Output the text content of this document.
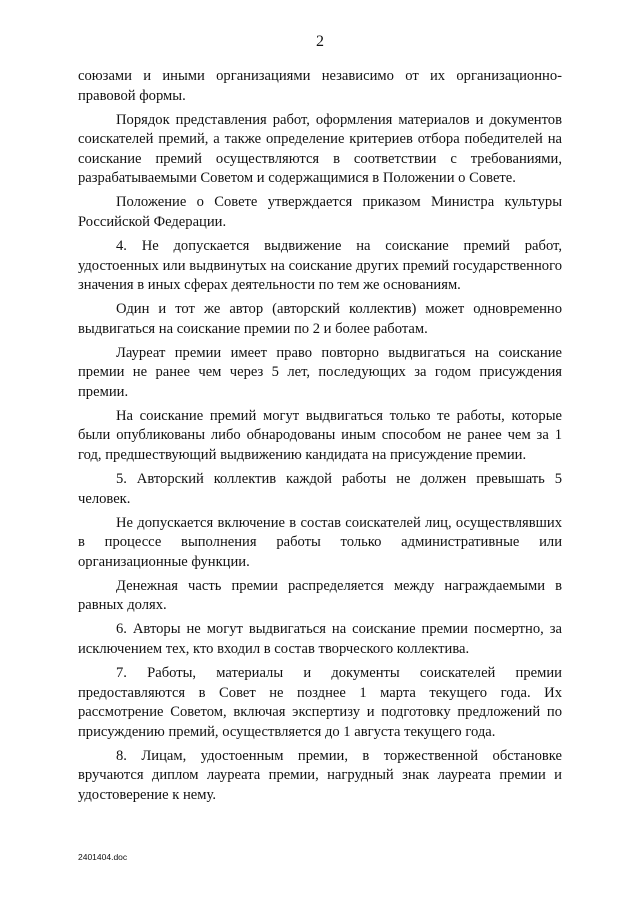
2

союзами и иными организациями независимо от их организационно-правовой формы.

Порядок представления работ, оформления материалов и документов соискателей премий, а также определение критериев отбора победителей на соискание премий осуществляются в соответствии с требованиями, разрабатываемыми Советом и содержащимися в Положении о Совете.

Положение о Совете утверждается приказом Министра культуры Российской Федерации.

4. Не допускается выдвижение на соискание премий работ, удостоенных или выдвинутых на соискание других премий государственного значения в иных сферах деятельности по тем же основаниям.

Один и тот же автор (авторский коллектив) может одновременно выдвигаться на соискание премии по 2 и более работам.

Лауреат премии имеет право повторно выдвигаться на соискание премии не ранее чем через 5 лет, последующих за годом присуждения премии.

На соискание премий могут выдвигаться только те работы, которые были опубликованы либо обнародованы иным способом не ранее чем за 1 год, предшествующий выдвижению кандидата на присуждение премии.

5. Авторский коллектив каждой работы не должен превышать 5 человек.

Не допускается включение в состав соискателей лиц, осуществлявших в процессе выполнения работы только административные или организационные функции.

Денежная часть премии распределяется между награждаемыми в равных долях.

6. Авторы не могут выдвигаться на соискание премии посмертно, за исключением тех, кто входил в состав творческого коллектива.

7. Работы, материалы и документы соискателей премии предоставляются в Совет не позднее 1 марта текущего года. Их рассмотрение Советом, включая экспертизу и подготовку предложений по присуждению премий, осуществляется до 1 августа текущего года.

8. Лицам, удостоенным премии, в торжественной обстановке вручаются диплом лауреата премии, нагрудный знак лауреата премии и удостоверение к нему.

2401404.doc
